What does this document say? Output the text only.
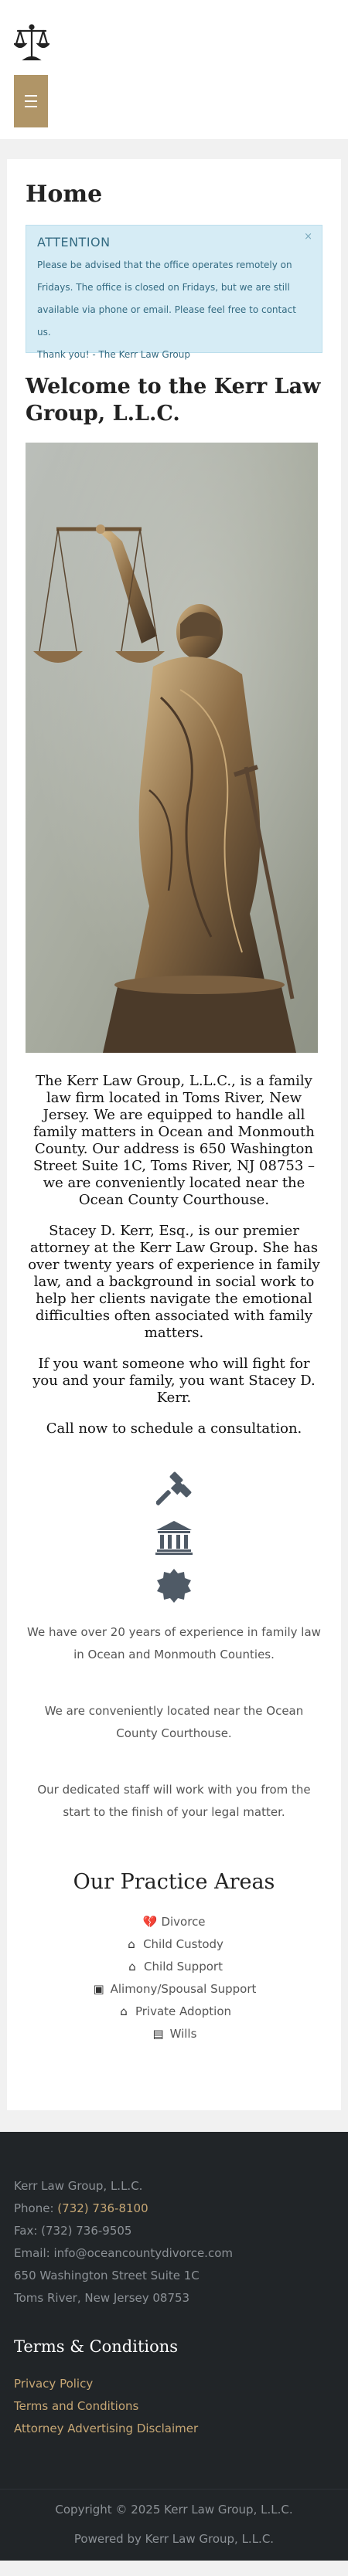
Home
×
ATTENTION
Please be advised that the office operates remotely on
Fridays. The office is closed on Fridays, but we are still
available via phone or email. Please feel free to contact us.
Thank you! - The Kerr Law Group
Welcome to the Kerr Law
Group, L.L.C.
The Kerr Law Group, L.L.C., is a family
law firm located in Toms River, New
Jersey. We are equipped to handle all
family matters in Ocean and Monmouth
County. Our address is 650 Washington
Street Suite 1C, Toms River, NJ 08753 –
we are conveniently located near the
Ocean County Courthouse.
Stacey D. Kerr, Esq., is our premier
attorney at the Kerr Law Group. She has
over twenty years of experience in family
law, and a background in social work to
help her clients navigate the emotional
difficulties often associated with family
matters.
If you want someone who will fight for
you and your family, you want Stacey D.
Kerr.
Call now to schedule a consultation.
We have over 20 years of experience in family law
in Ocean and Monmouth Counties.
We are conveniently located near the Ocean
County Courthouse.
Our dedicated staff will work with you from the
start to the finish of your legal matter.
Our Practice Areas
💔 Divorce
⌂ Child Custody
⌂ Child Support
▣ Alimony/Spousal Support
⌂ Private Adoption
▤ Wills
Kerr Law Group, L.L.C.
Phone: (732) 736-8100
Fax: (732) 736-9505
Email: info@oceancountydivorce.com
650 Washington Street Suite 1C
Toms River, New Jersey 08753
Terms & Conditions
Privacy Policy
Terms and Conditions
Attorney Advertising Disclaimer
Copyright © 2025 Kerr Law Group, L.L.C.
Powered by Kerr Law Group, L.L.C.
